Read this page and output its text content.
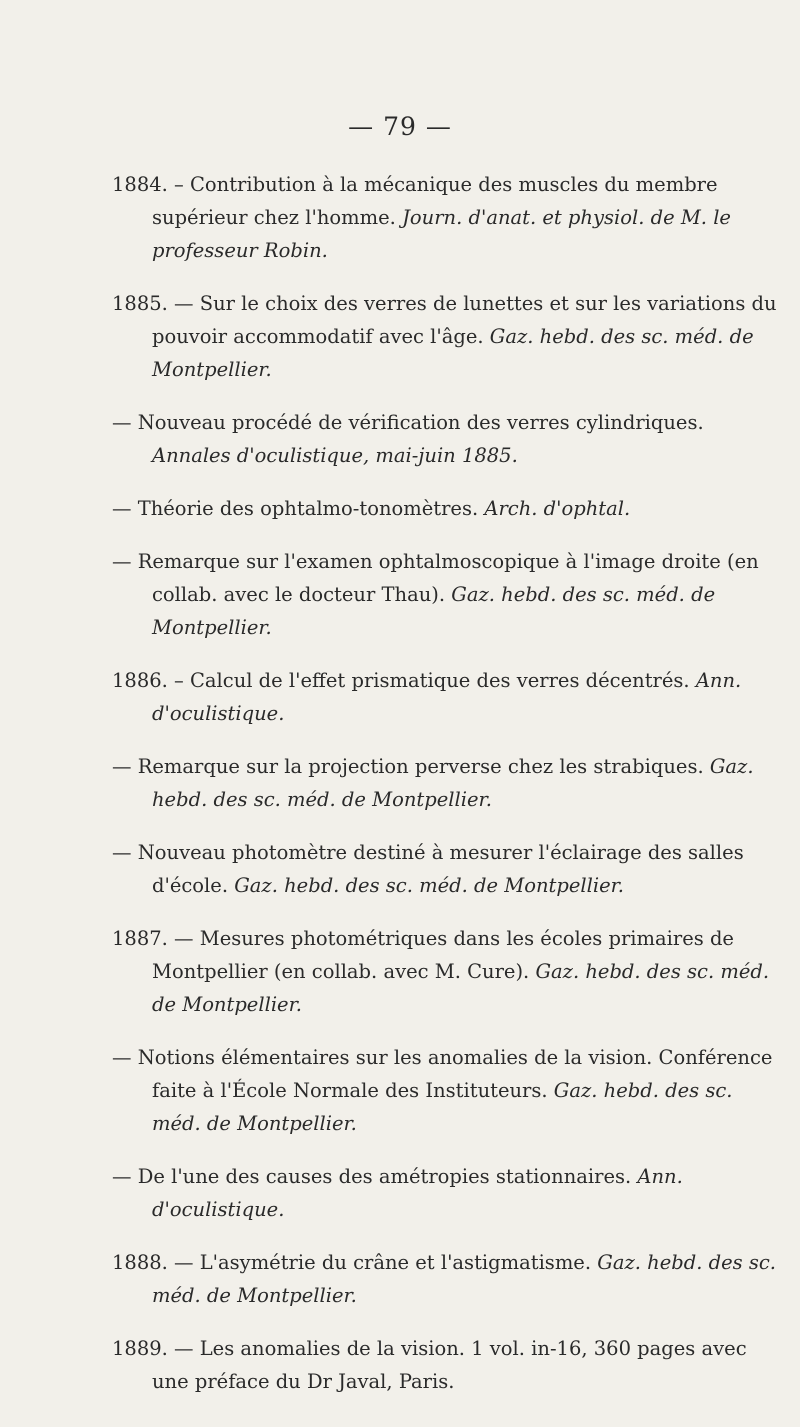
— 79 —

1884. – Contribution à la mécanique des muscles du membre supérieur chez l'homme. Journ. d'anat. et physiol. de M. le professeur Robin.

1885. — Sur le choix des verres de lunettes et sur les variations du pouvoir accommodatif avec l'âge. Gaz. hebd. des sc. méd. de Montpellier.

— Nouveau procédé de vérification des verres cylindriques. Annales d'oculistique, mai-juin 1885.

— Théorie des ophtalmo-tonomètres. Arch. d'ophtal.

— Remarque sur l'examen ophtalmoscopique à l'image droite (en collab. avec le docteur Thau). Gaz. hebd. des sc. méd. de Montpellier.

1886. – Calcul de l'effet prismatique des verres décentrés. Ann. d'oculistique.

— Remarque sur la projection perverse chez les strabiques. Gaz. hebd. des sc. méd. de Montpellier.

— Nouveau photomètre destiné à mesurer l'éclairage des salles d'école. Gaz. hebd. des sc. méd. de Montpellier.

1887. — Mesures photométriques dans les écoles primaires de Montpellier (en collab. avec M. Cure). Gaz. hebd. des sc. méd. de Montpellier.

— Notions élémentaires sur les anomalies de la vision. Conférence faite à l'École Normale des Instituteurs. Gaz. hebd. des sc. méd. de Montpellier.

— De l'une des causes des amétropies stationnaires. Ann. d'oculistique.

1888. — L'asymétrie du crâne et l'astigmatisme. Gaz. hebd. des sc. méd. de Montpellier.

1889. — Les anomalies de la vision. 1 vol. in-16, 360 pages avec une préface du Dr Javal, Paris.
